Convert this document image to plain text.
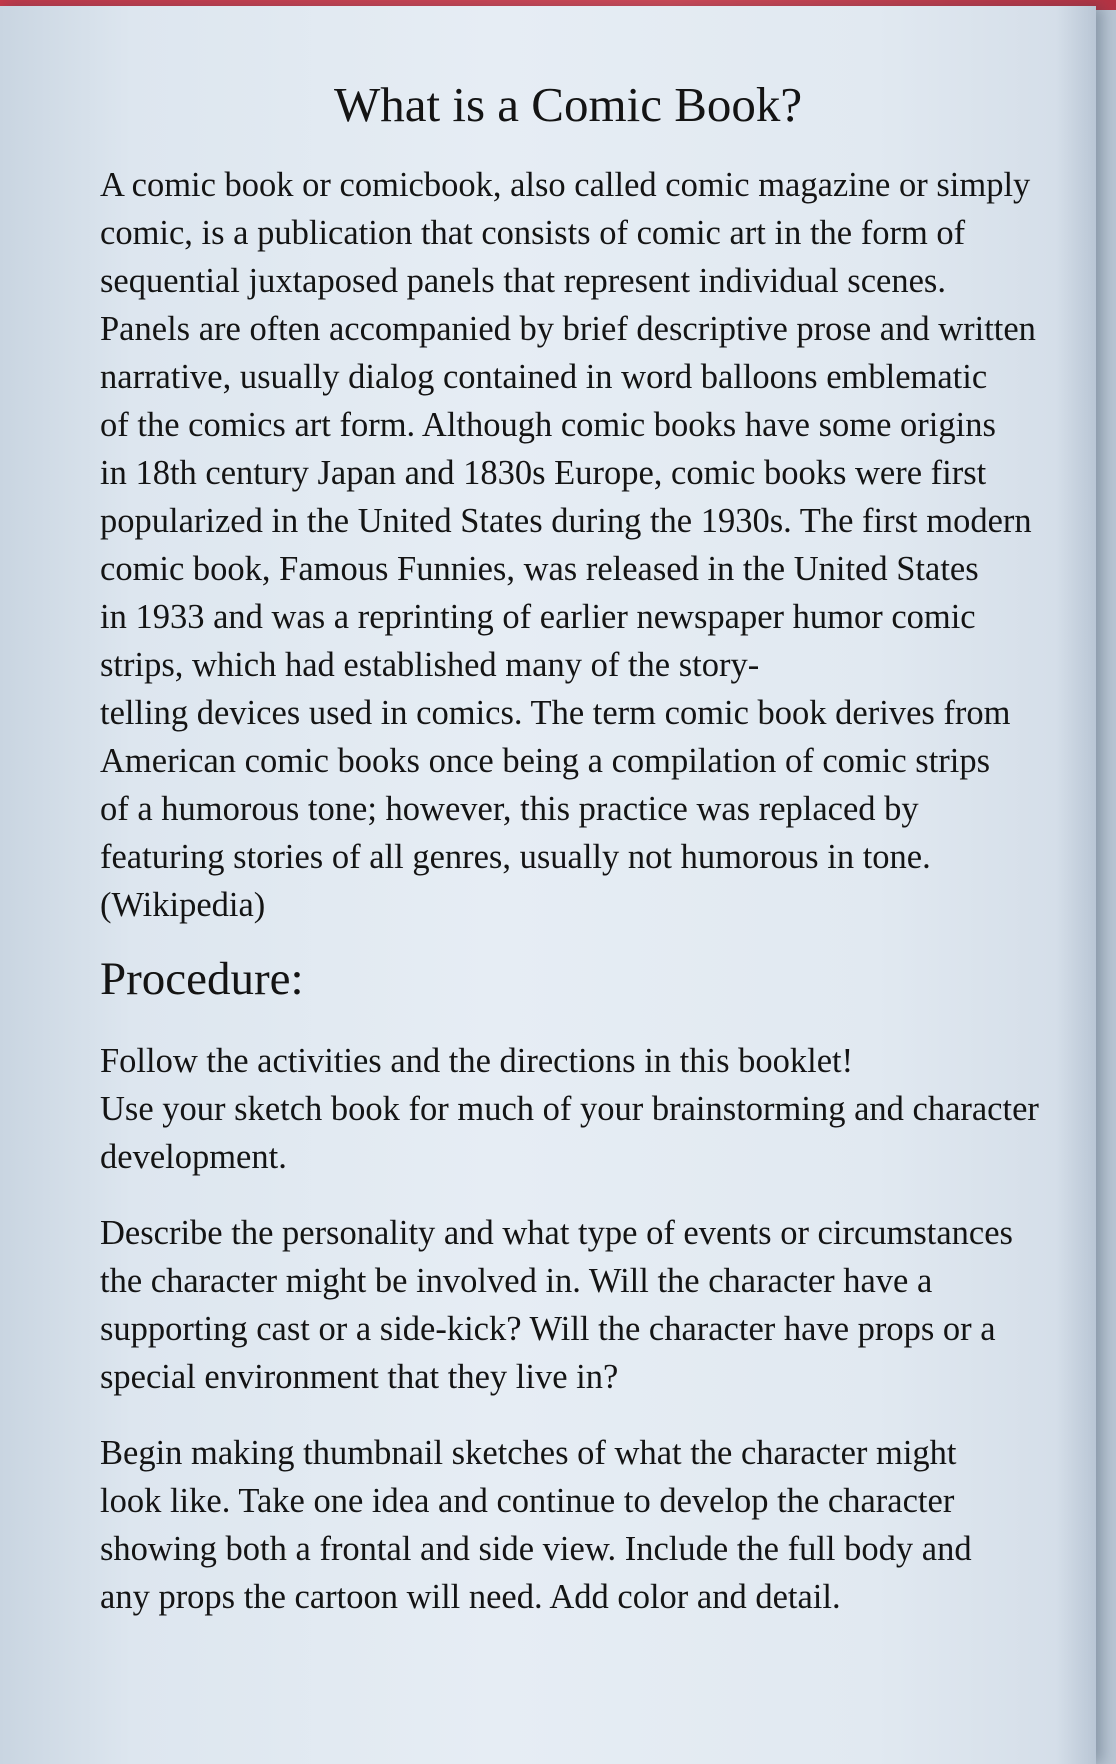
What is a Comic Book?

A comic book or comicbook, also called comic magazine or simply
comic, is a publication that consists of comic art in the form of
sequential juxtaposed panels that represent individual scenes.
Panels are often accompanied by brief descriptive prose and written
narrative, usually dialog contained in word balloons emblematic
of the comics art form. Although comic books have some origins
in 18th century Japan and 1830s Europe, comic books were first
popularized in the United States during the 1930s. The first modern
comic book, Famous Funnies, was released in the United States
in 1933 and was a reprinting of earlier newspaper humor comic
strips, which had established many of the story-
telling devices used in comics. The term comic book derives from
American comic books once being a compilation of comic strips
of a humorous tone; however, this practice was replaced by
featuring stories of all genres, usually not humorous in tone.
(Wikipedia)

Procedure:

Follow the activities and the directions in this booklet!
Use your sketch book for much of your brainstorming and character
development.

Describe the personality and what type of events or circumstances
the character might be involved in. Will the character have a
supporting cast or a side-kick? Will the character have props or a
special environment that they live in?

Begin making thumbnail sketches of what the character might
look like. Take one idea and continue to develop the character
showing both a frontal and side view. Include the full body and
any props the cartoon will need. Add color and detail.
